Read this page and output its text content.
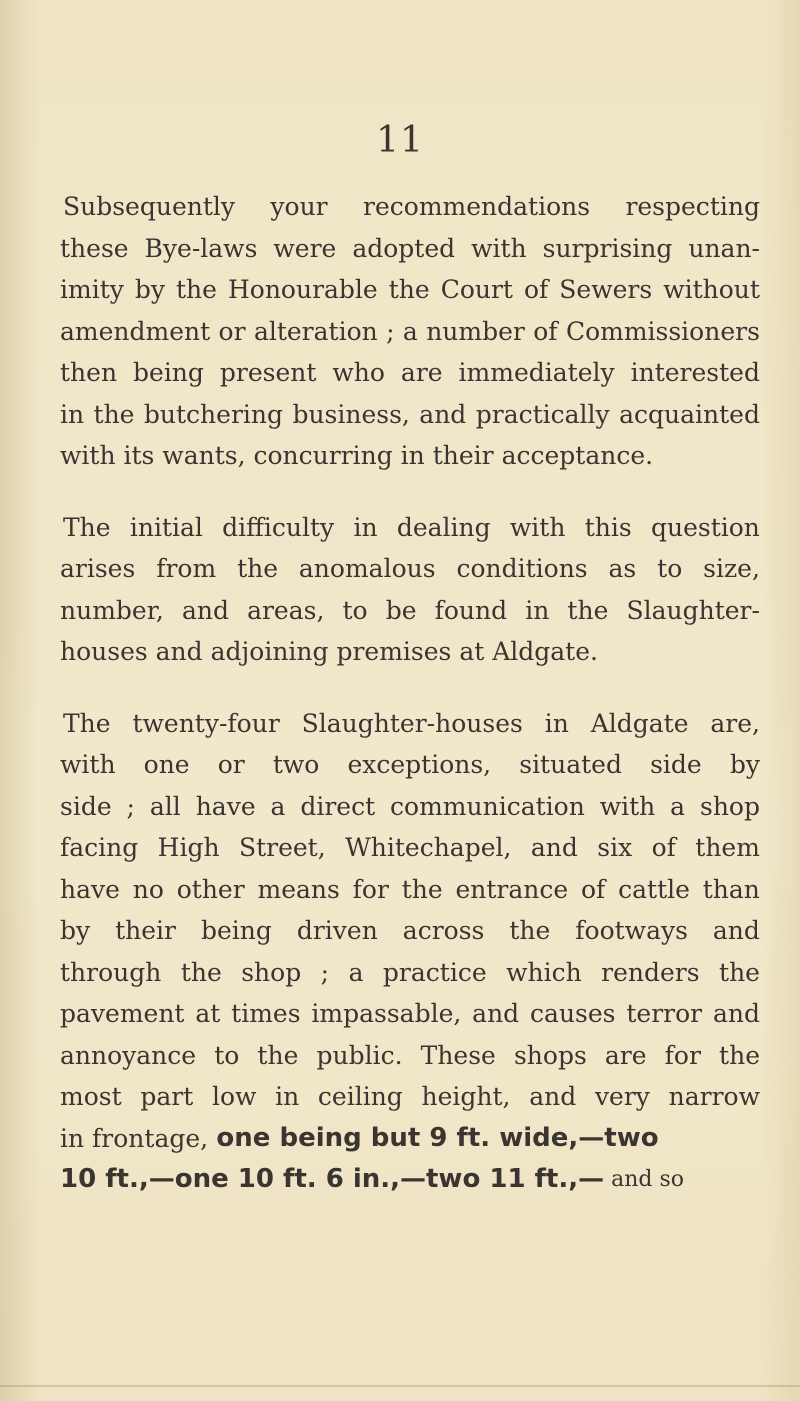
11
Subsequently your recommendations respecting
these Bye-laws were adopted with surprising unan-
imity by the Honourable the Court of Sewers without
amendment or alteration ; a number of Commissioners
then being present who are immediately interested
in the butchering business, and practically acquainted
with its wants, concurring in their acceptance.
The initial difficulty in dealing with this question
arises from the anomalous conditions as to size,
number, and areas, to be found in the Slaughter-
houses and adjoining premises at Aldgate.
The twenty-four Slaughter-houses in Aldgate are,
with one or two exceptions, situated side by
side ; all have a direct communication with a shop
facing High Street, Whitechapel, and six of them
have no other means for the entrance of cattle than
by their being driven across the footways and
through the shop ; a practice which renders the
pavement at times impassable, and causes terror and
annoyance to the public. These shops are for the
most part low in ceiling height, and very narrow
in frontage, one being but 9 ft. wide,—two
10 ft.,—one 10 ft. 6 in.,—two 11 ft.,— and so
